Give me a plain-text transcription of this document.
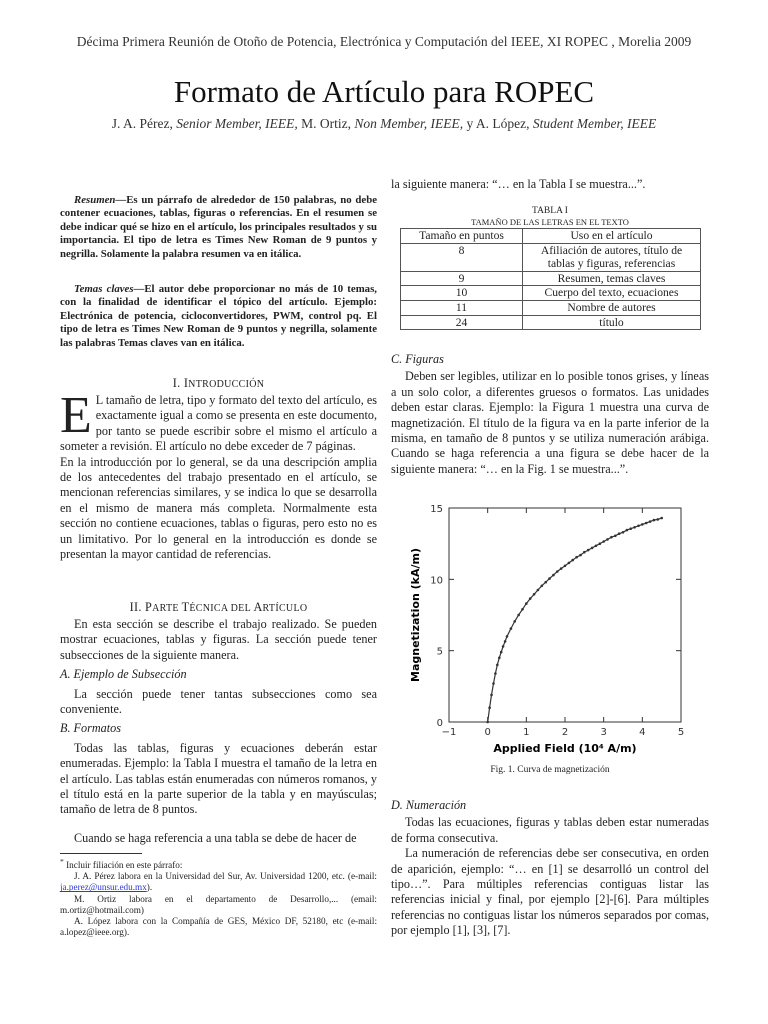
Décima Primera Reunión de Otoño de Potencia, Electrónica y Computación del IEEE, XI ROPEC , Morelia 2009
Formato de Artículo para ROPEC
J. A. Pérez, Senior Member, IEEE, M. Ortiz, Non Member, IEEE, y A. López, Student Member, IEEE

Resumen—Es un párrafo de alrededor de 150 palabras, no debe contener ecuaciones, tablas, figuras o referencias. En el resumen se debe indicar qué se hizo en el artículo, los principales resultados y su importancia. El tipo de letra es Times New Roman de 9 puntos y negrilla. Solamente la palabra resumen va en itálica.

Temas claves—El autor debe proporcionar no más de 10 temas, con la finalidad de identificar el tópico del artículo. Ejemplo: Electrónica de potencia, cicloconvertidores, PWM, control pq. El tipo de letra es Times New Roman de 9 puntos y negrilla, solamente las palabras Temas claves van en itálica.

I. INTRODUCCIÓN

E L tamaño de letra, tipo y formato del texto del artículo, es exactamente igual a como se presenta en este documento, por tanto se puede escribir sobre el mismo el artículo a someter a revisión. El artículo no debe exceder de 7 páginas.

En la introducción por lo general, se da una descripción amplia de los antecedentes del trabajo presentado en el artículo, se mencionan referencias similares, y se indica lo que se desarrolla en el mismo de manera más completa. Normalmente esta sección no contiene ecuaciones, tablas o figuras, pero esto no es un limitativo. Por lo general en la introducción es donde se presentan la mayor cantidad de referencias.

II. PARTE TÉCNICA DEL ARTÍCULO

En esta sección se describe el trabajo realizado. Se pueden mostrar ecuaciones, tablas y figuras. La sección puede tener subsecciones de la siguiente manera.

A. Ejemplo de Subsección

La sección puede tener tantas subsecciones como sea conveniente.

B. Formatos

Todas las tablas, figuras y ecuaciones deberán estar enumeradas. Ejemplo: la Tabla I muestra el tamaño de la letra en el artículo. Las tablas están enumeradas con números romanos, y el título está en la parte superior de la tabla y en mayúsculas; tamaño de letra de 8 puntos.

Cuando se haga referencia a una tabla se debe de hacer de

* Incluir filiación en este párrafo:

J. A. Pérez labora en la Universidad del Sur, Av. Universidad 1200, etc. (e-mail: ja.perez@unsur.edu.mx).

M. Ortiz labora en el departamento de Desarrollo,... (email: m.ortiz@hotmail.com)

A. López labora con la Compañía de GES, México DF, 52180, etc (e-mail: a.lopez@ieee.org).

la siguiente manera: “… en la Tabla I se muestra...”.
TABLA I
TAMAÑO DE LAS LETRAS EN EL TEXTO
Tamaño en puntos	Uso en el artículo
8	Afiliación de autores, título de tablas y figuras, referencias
9	Resumen, temas claves
10	Cuerpo del texto, ecuaciones
11	Nombre de autores
24	título

C. Figuras

Deben ser legibles, utilizar en lo posible tonos grises, y líneas a un solo color, a diferentes gruesos o formatos. Las unidades deben estar claras. Ejemplo: la Figura 1 muestra una curva de magnetización. El título de la figura va en la parte inferior de la misma, en tamaño de 8 puntos y se utiliza numeración arábiga. Cuando se haga referencia a una figura se debe hacer de la siguiente manera: “… en la Fig. 1 se muestra...”.

−1	0	1	2	3	4	5
0
5
10
15
Applied Field (10⁴ A/m)
Magnetization (kA/m)
Fig. 1. Curva de magnetización

D. Numeración

Todas las ecuaciones, figuras y tablas deben estar numeradas de forma consecutiva.

La numeración de referencias debe ser consecutiva, en orden de aparición, ejemplo: “… en [1] se desarrolló un control del tipo…”. Para múltiples referencias contiguas listar las referencias inicial y final, por ejemplo [2]-[6]. Para múltiples referencias no contiguas listar los números separados por comas, por ejemplo [1], [3], [7].
